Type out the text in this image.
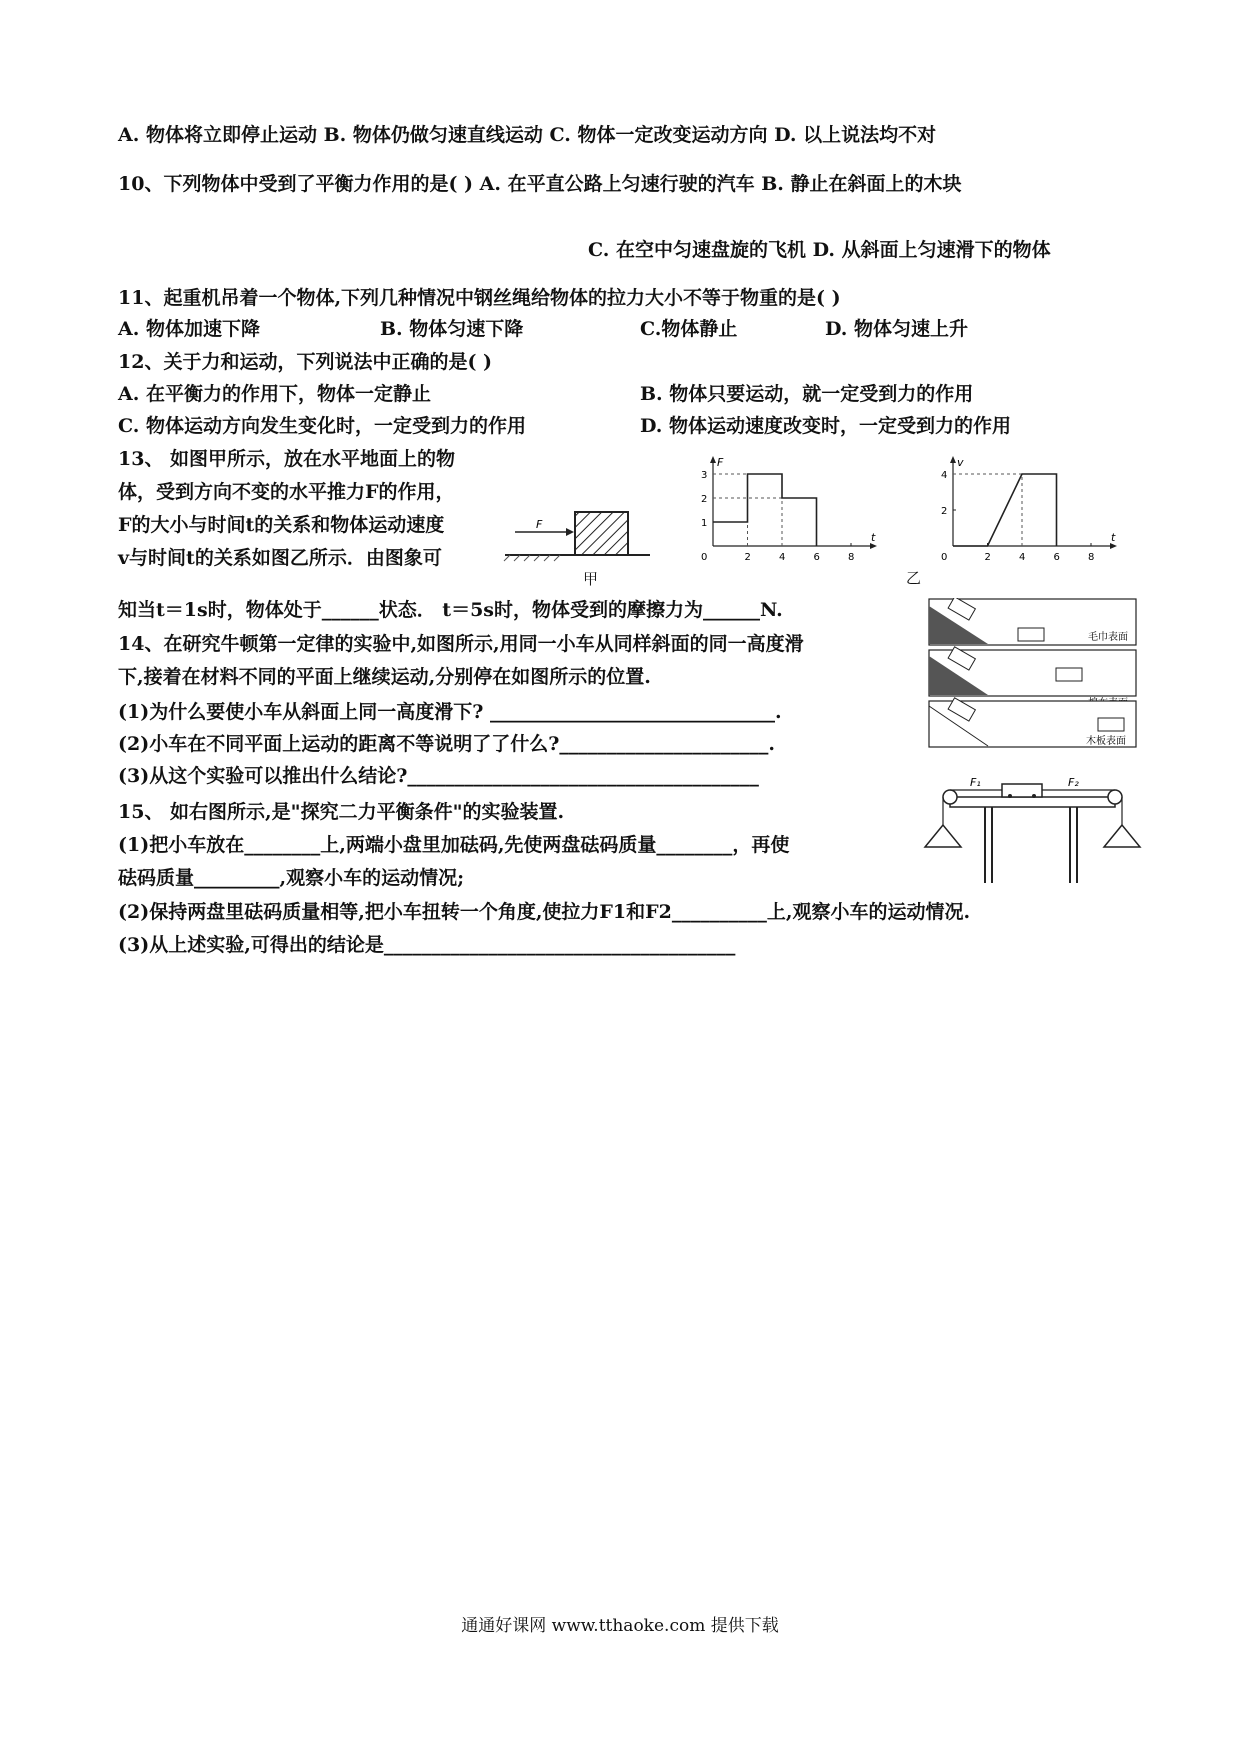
A. 物体将立即停止运动 B. 物体仍做匀速直线运动 C. 物体一定改变运动方向 D. 以上说法均不对
10、下列物体中受到了平衡力作用的是( ) A. 在平直公路上匀速行驶的汽车 B. 静止在斜面上的木块
C. 在空中匀速盘旋的飞机 D. 从斜面上匀速滑下的物体
11、起重机吊着一个物体,下列几种情况中钢丝绳给物体的拉力大小不等于物重的是( )
A. 物体加速下降	B. 物体匀速下降	C.物体静止	D. 物体匀速上升
12、关于力和运动，下列说法中正确的是( )
A. 在平衡力的作用下，物体一定静止	B. 物体只要运动，就一定受到力的作用
C. 物体运动方向发生变化时，一定受到力的作用	D. 物体运动速度改变时，一定受到力的作用
13、 如图甲所示，放在水平地面上的物
体，受到方向不变的水平推力F的作用，
F的大小与时间t的关系和物体运动速度
v与时间t的关系如图乙所示．由图象可
知当t＝1s时，物体处于______状态． t＝5s时，物体受到的摩擦力为______N.
F
甲
t
F
0	2	4	6	8
1
2
3
t
v
0	2	4	6	8
2
4
乙
14、在研究牛顿第一定律的实验中,如图所示,用同一小车从同样斜面的同一高度滑
下,接着在材料不同的平面上继续运动,分别停在如图所示的位置.
(1)为什么要使小车从斜面上同一高度滑下? ______________________________.
(2)小车在不同平面上运动的距离不等说明了了什么?______________________.
(3)从这个实验可以推出什么结论?_____________________________________
毛巾表面
木板表面
15、 如右图所示,是"探究二力平衡条件"的实验装置.
(1)把小车放在________上,两端小盘里加砝码,先使两盘砝码质量________，再使
砝码质量_________,观察小车的运动情况;
(2)保持两盘里砝码质量相等,把小车扭转一个角度,使拉力F1和F2__________上,观察小车的运动情况.
(3)从上述实验,可得出的结论是_____________________________________
F₁	F₂
通通好课网 www.tthaoke.com 提供下载
